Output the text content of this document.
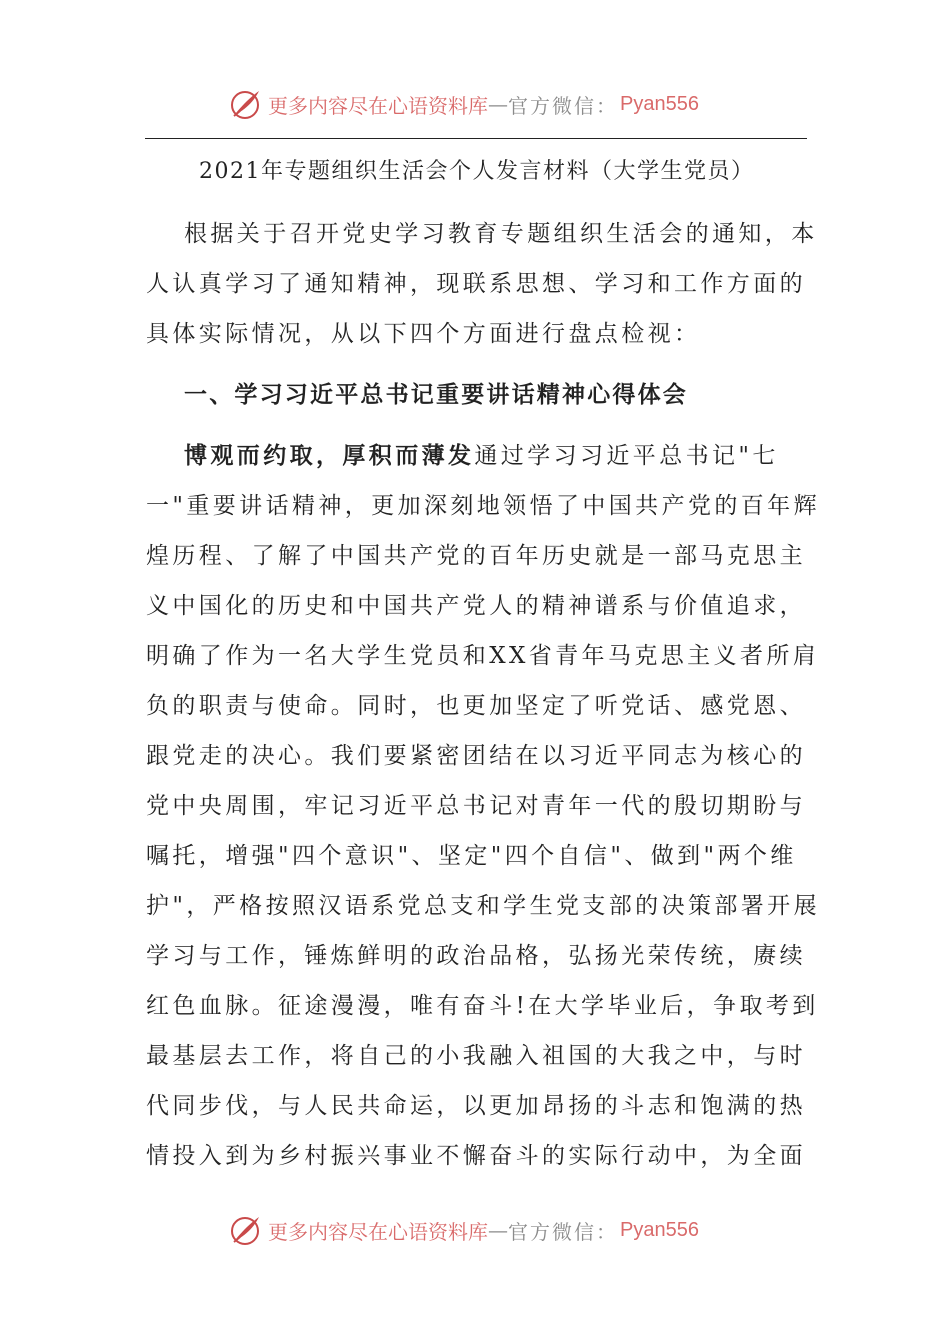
更多内容尽在心语资料库 — 官方微信： Pyan556
2021年专题组织生活会个人发言材料（大学生党员）
根据关于召开党史学习教育专题组织生活会的通知，本
人认真学习了通知精神，现联系思想、学习和工作方面的
具体实际情况，从以下四个方面进行盘点检视：
一、学习习近平总书记重要讲话精神心得体会
博观而约取，厚积而薄发通过学习习近平总书记"七
一"重要讲话精神，更加深刻地领悟了中国共产党的百年辉
煌历程、了解了中国共产党的百年历史就是一部马克思主
义中国化的历史和中国共产党人的精神谱系与价值追求，
明确了作为一名大学生党员和XX省青年马克思主义者所肩
负的职责与使命。同时，也更加坚定了听党话、感党恩、
跟党走的决心。我们要紧密团结在以习近平同志为核心的
党中央周围，牢记习近平总书记对青年一代的殷切期盼与
嘱托，增强"四个意识"、坚定"四个自信"、做到"两个维
护"，严格按照汉语系党总支和学生党支部的决策部署开展
学习与工作，锤炼鲜明的政治品格，弘扬光荣传统，赓续
红色血脉。征途漫漫，唯有奋斗!在大学毕业后，争取考到
最基层去工作，将自己的小我融入祖国的大我之中，与时
代同步伐，与人民共命运，以更加昂扬的斗志和饱满的热
情投入到为乡村振兴事业不懈奋斗的实际行动中，为全面
更多内容尽在心语资料库 — 官方微信： Pyan556
